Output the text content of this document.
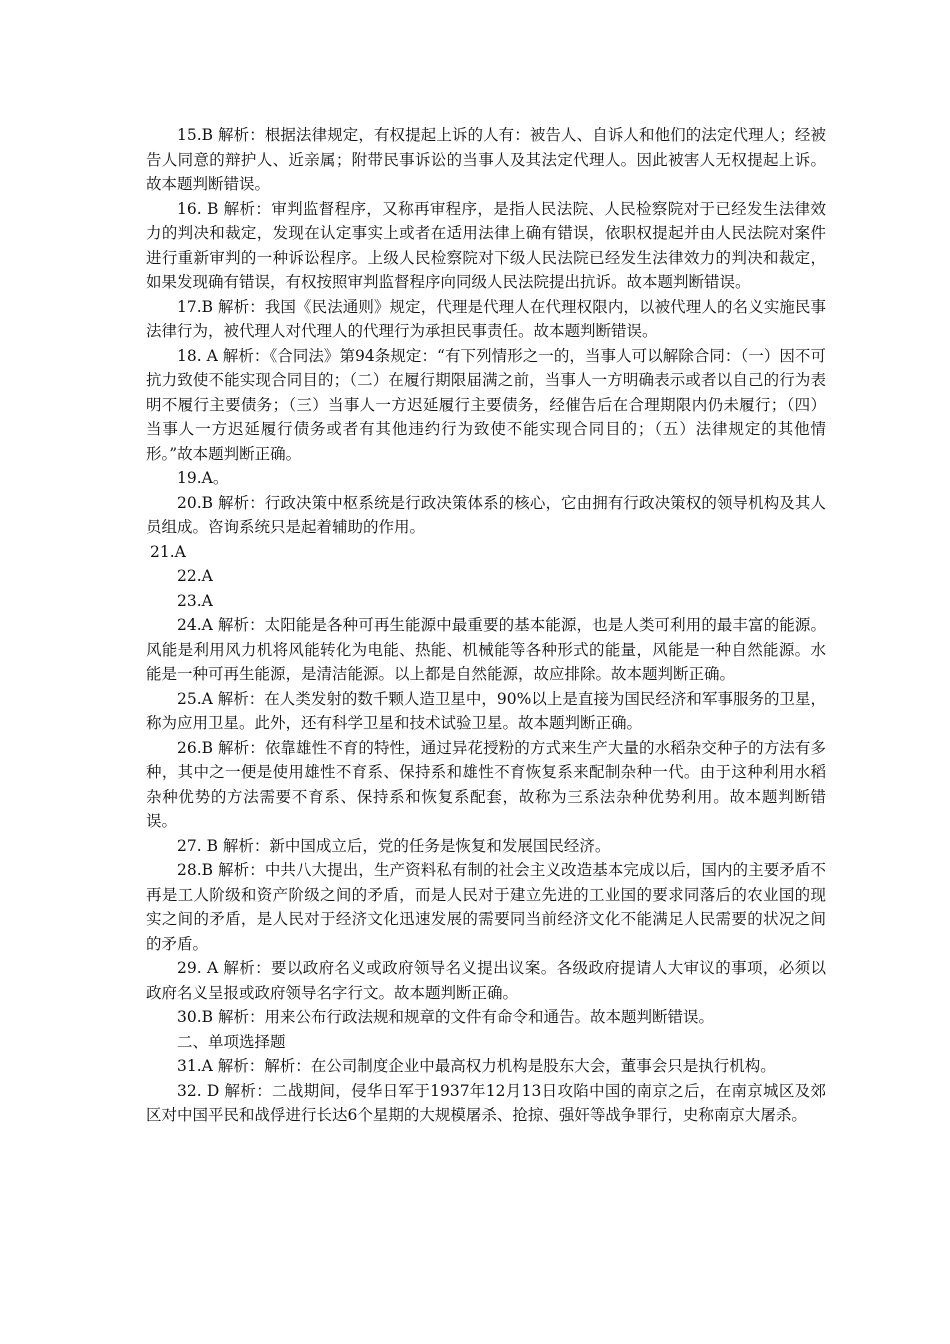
15.B 解析：根据法律规定，有权提起上诉的人有：被告人、自诉人和他们的法定代理人；经被告人同意的辩护人、近亲属；附带民事诉讼的当事人及其法定代理人。因此被害人无权提起上诉。故本题判断错误。

16. B 解析：审判监督程序，又称再审程序，是指人民法院、人民检察院对于已经发生法律效力的判决和裁定，发现在认定事实上或者在适用法律上确有错误，依职权提起并由人民法院对案件进行重新审判的一种诉讼程序。上级人民检察院对下级人民法院已经发生法律效力的判决和裁定，如果发现确有错误，有权按照审判监督程序向同级人民法院提出抗诉。故本题判断错误。

17.B 解析：我国《民法通则》规定，代理是代理人在代理权限内，以被代理人的名义实施民事法律行为，被代理人对代理人的代理行为承担民事责任。故本题判断错误。

18. A 解析：《合同法》第94条规定：“有下列情形之一的，当事人可以解除合同：（一）因不可抗力致使不能实现合同目的；（二）在履行期限届满之前，当事人一方明确表示或者以自己的行为表明不履行主要债务；（三）当事人一方迟延履行主要债务，经催告后在合理期限内仍未履行；（四）当事人一方迟延履行债务或者有其他违约行为致使不能实现合同目的；（五）法律规定的其他情形。”故本题判断正确。

19.A。

20.B 解析：行政决策中枢系统是行政决策体系的核心，它由拥有行政决策权的领导机构及其人员组成。咨询系统只是起着辅助的作用。

21.A

22.A

23.A

24.A 解析：太阳能是各种可再生能源中最重要的基本能源，也是人类可利用的最丰富的能源。风能是利用风力机将风能转化为电能、热能、机械能等各种形式的能量，风能是一种自然能源。水能是一种可再生能源，是清洁能源。以上都是自然能源，故应排除。故本题判断正确。

25.A 解析：在人类发射的数千颗人造卫星中，90%以上是直接为国民经济和军事服务的卫星，称为应用卫星。此外，还有科学卫星和技术试验卫星。故本题判断正确。

26.B 解析：依靠雄性不育的特性，通过异花授粉的方式来生产大量的水稻杂交种子的方法有多种，其中之一便是使用雄性不育系、保持系和雄性不育恢复系来配制杂种一代。由于这种利用水稻杂种优势的方法需要不育系、保持系和恢复系配套，故称为三系法杂种优势利用。故本题判断错误。

27. B 解析：新中国成立后，党的任务是恢复和发展国民经济。

28.B 解析：中共八大提出，生产资料私有制的社会主义改造基本完成以后，国内的主要矛盾不再是工人阶级和资产阶级之间的矛盾，而是人民对于建立先进的工业国的要求同落后的农业国的现实之间的矛盾，是人民对于经济文化迅速发展的需要同当前经济文化不能满足人民需要的状况之间的矛盾。

29. A 解析：要以政府名义或政府领导名义提出议案。各级政府提请人大审议的事项，必须以政府名义呈报或政府领导名字行文。故本题判断正确。

30.B 解析：用来公布行政法规和规章的文件有命令和通告。故本题判断错误。

二、单项选择题

31.A 解析：解析：在公司制度企业中最高权力机构是股东大会，董事会只是执行机构。

32. D 解析：二战期间，侵华日军于1937年12月13日攻陷中国的南京之后，在南京城区及郊区对中国平民和战俘进行长达6个星期的大规模屠杀、抢掠、强奸等战争罪行，史称南京大屠杀。
